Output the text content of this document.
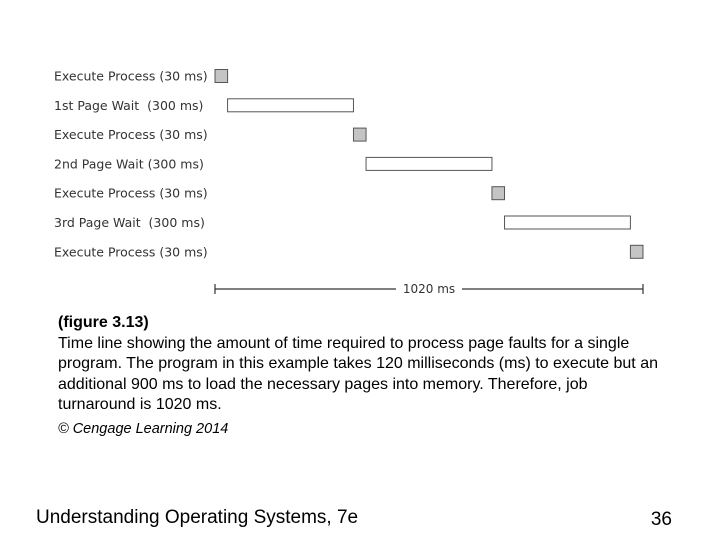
Execute Process (30 ms)
1st Page Wait  (300 ms)
Execute Process (30 ms)
2nd Page Wait (300 ms)
Execute Process (30 ms)
3rd Page Wait  (300 ms)
Execute Process (30 ms)
1020 ms
(figure 3.13)
Time line showing the amount of time required to process page faults for a single program. The program in this example takes 120 milliseconds (ms) to execute but an additional 900 ms to load the necessary pages into memory. Therefore, job turnaround is 1020 ms.
© Cengage Learning 2014
Understanding Operating Systems, 7e	36
